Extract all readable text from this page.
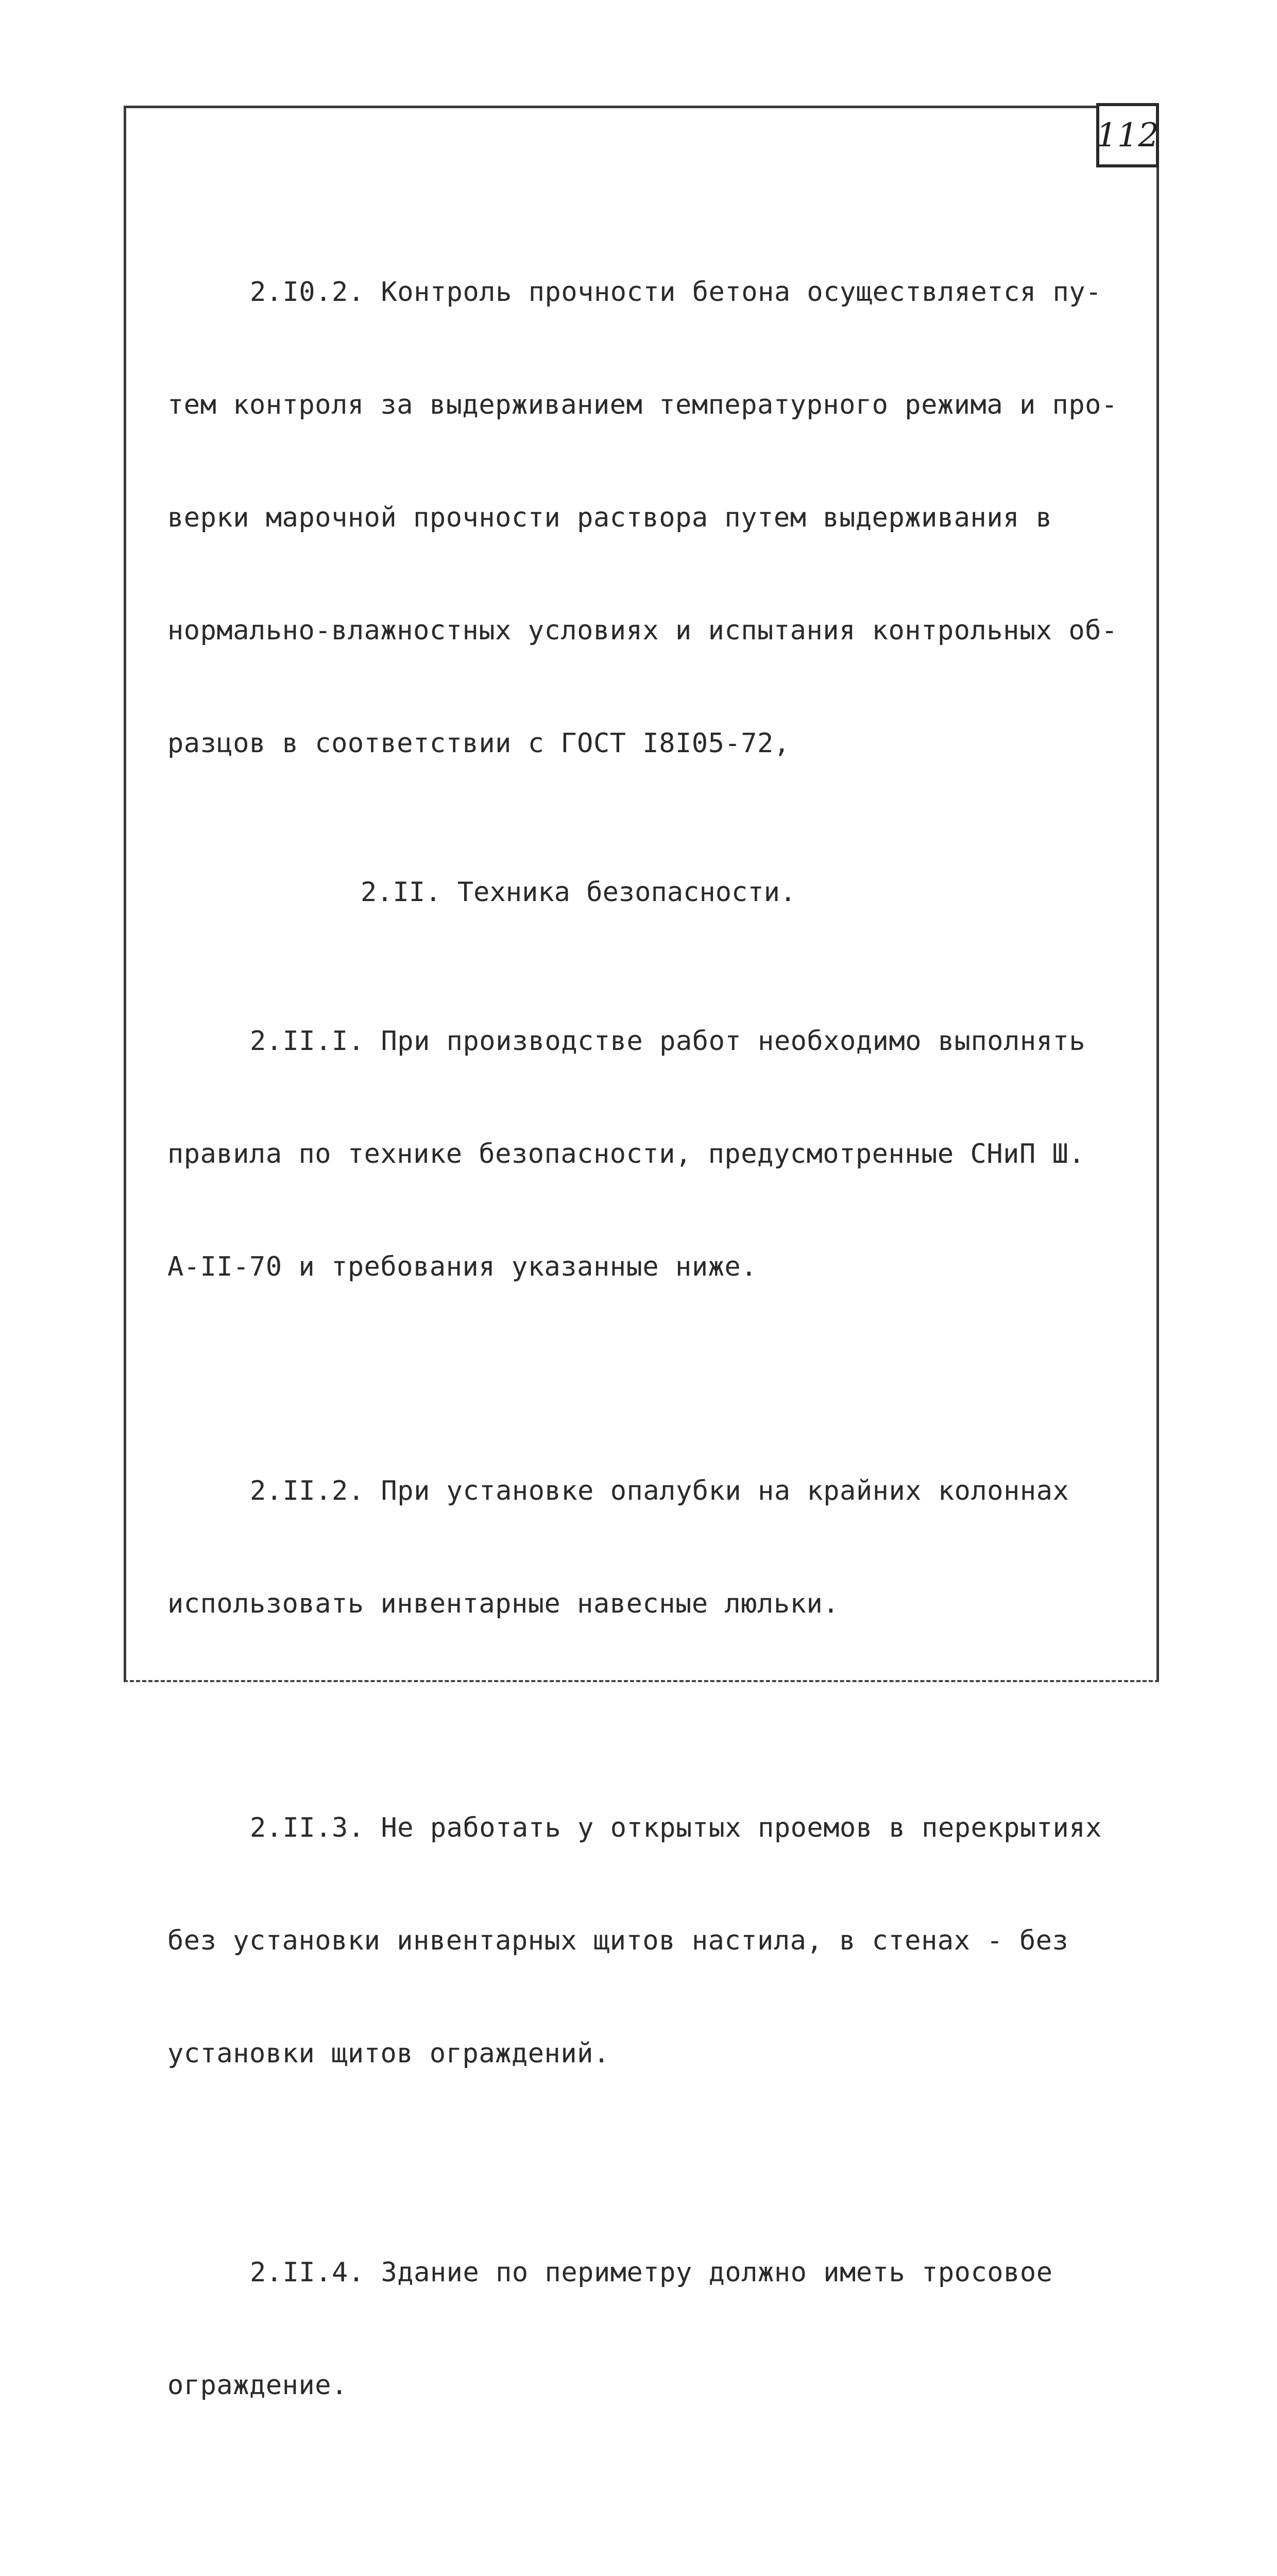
112

2.I0.2. Контроль прочности бетона осуществляется пу-

тем контроля за выдерживанием температурного режима и про-

верки марочной прочности раствора путем выдерживания в

нормально-влажностных условиях и испытания контрольных об-

разцов в соответствии с ГОСТ I8I05-72,

2.II. Техника безопасности.

2.II.I. При производстве работ необходимо выполнять

правила по технике безопасности, предусмотренные СНиП Ш.

А-II-70 и требования указанные ниже.

2.II.2. При установке опалубки на крайних колоннах

использовать инвентарные навесные люльки.

2.II.3. Не работать у открытых проемов в перекрытиях

без установки инвентарных щитов настила, в стенах - без

установки щитов ограждений.

2.II.4. Здание по периметру должно иметь тросовое

ограждение.
